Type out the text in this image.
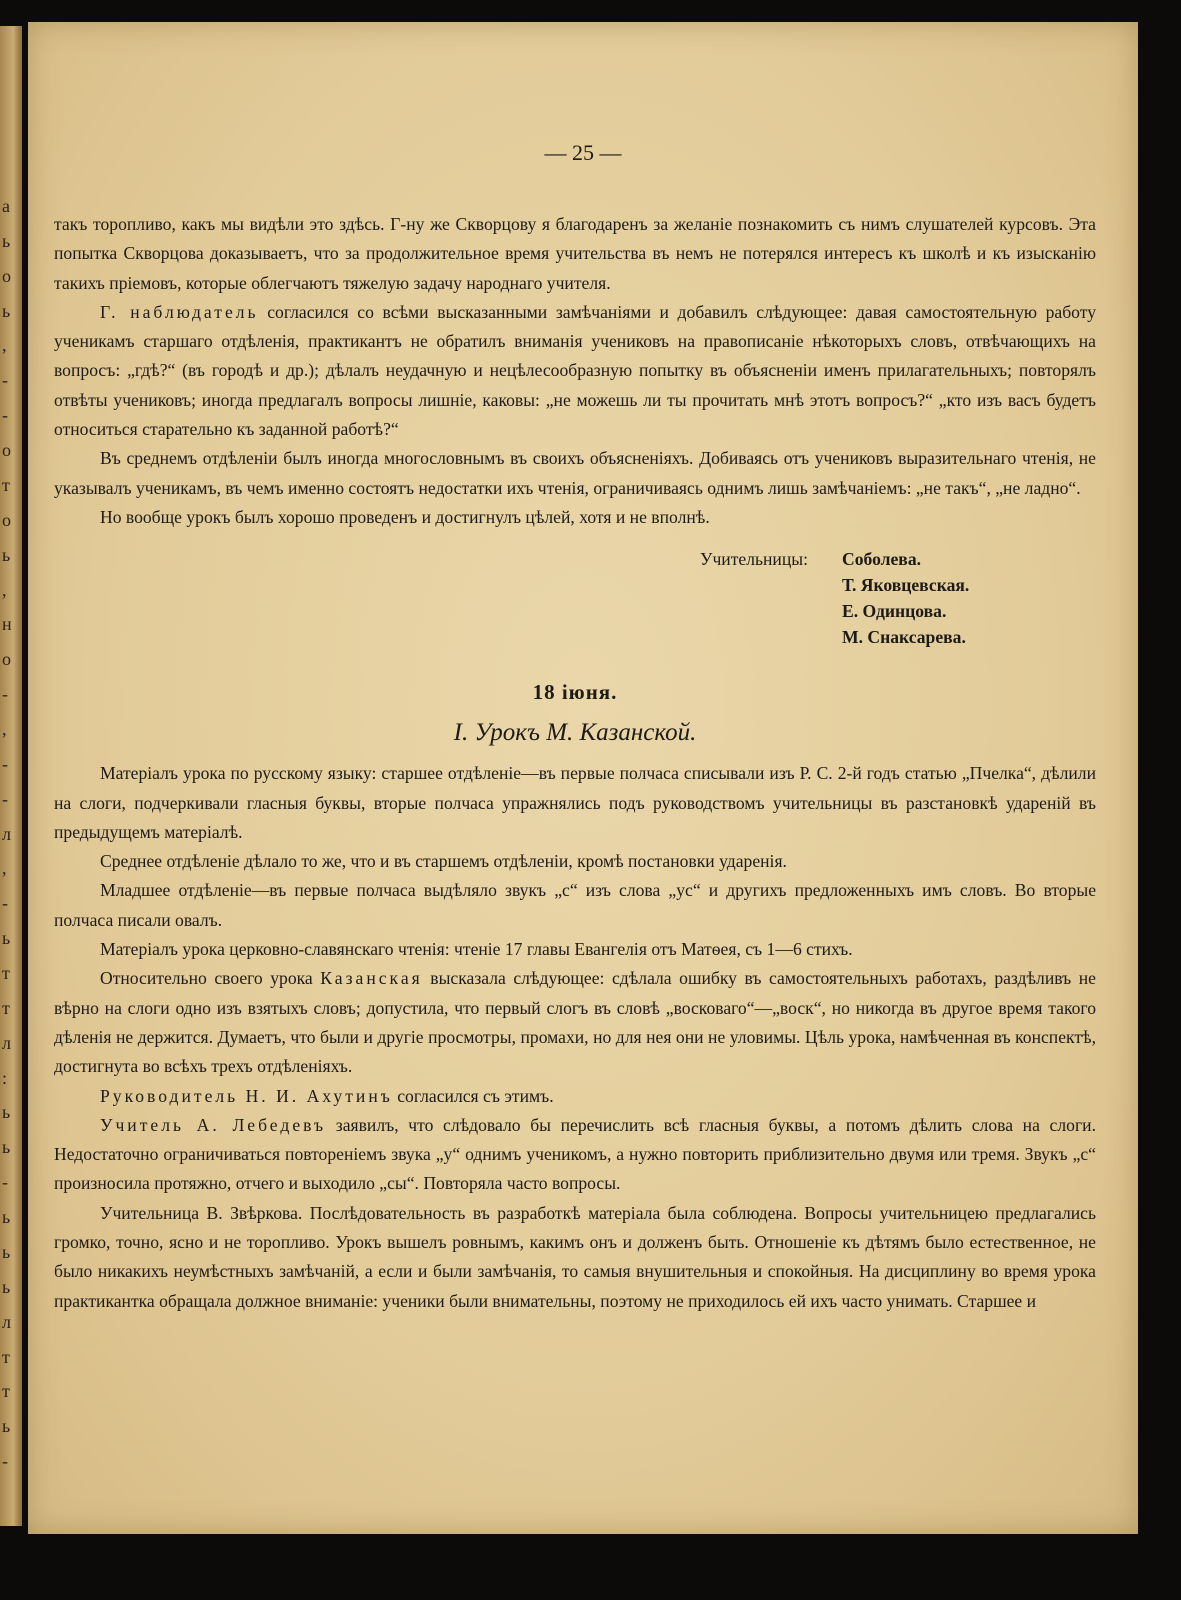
а
ь
о
ь
,
-
-
о
т
о
ь
,
н
о
-
,
-
-
л
,
-
ь
т
т
л
:
ь
ь
-
ь
ь
ь
л
т
т
ь
-
— 25 —

такъ торопливо, какъ мы видѣли это здѣсь. Г-ну же Скворцову я благодаренъ за желаніе познакомить съ нимъ слушателей курсовъ. Эта попытка Скворцова доказываетъ, что за продолжительное время учительства въ немъ не потерялся интересъ къ школѣ и къ изысканію такихъ пріемовъ, которые облегчаютъ тяжелую задачу народнаго учителя.

Г. наблюдатель согласился со всѣми высказанными замѣчаніями и добавилъ слѣдующее: давая самостоятельную работу ученикамъ старшаго отдѣленія, практикантъ не обратилъ вниманія учениковъ на правописаніе нѣкоторыхъ словъ, отвѣчающихъ на вопросъ: „гдѣ?“ (въ городѣ и др.); дѣлалъ неудачную и нецѣлесообразную попытку въ объясненіи именъ прилагательныхъ; повторялъ отвѣты учениковъ; иногда предлагалъ вопросы лишніе, каковы: „не можешь ли ты прочитать мнѣ этотъ вопросъ?“ „кто изъ васъ будетъ относиться старательно къ заданной работѣ?“

Въ среднемъ отдѣленіи былъ иногда многословнымъ въ своихъ объясненіяхъ. Добиваясь отъ учениковъ выразительнаго чтенія, не указывалъ ученикамъ, въ чемъ именно состоятъ недостатки ихъ чтенія, ограничиваясь однимъ лишь замѣчаніемъ: „не такъ“, „не ладно“.

Но вообще урокъ былъ хорошо проведенъ и достигнулъ цѣлей, хотя и не вполнѣ.

Учительницы:	Соболева.
Т. Яковцевская.
Е. Одинцова.
М. Снаксарева.
18 іюня.
I. Урокъ М. Казанской.

Матеріалъ урока по русскому языку: старшее отдѣленіе—въ первые полчаса списывали изъ Р. С. 2-й годъ статью „Пчелка“, дѣлили на слоги, подчеркивали гласныя буквы, вторые полчаса упражнялись подъ руководствомъ учительницы въ разстановкѣ удареній въ предыдущемъ матеріалѣ.

Среднее отдѣленіе дѣлало то же, что и въ старшемъ отдѣленіи, кромѣ постановки ударенія.

Младшее отдѣленіе—въ первые полчаса выдѣляло звукъ „с“ изъ слова „ус“ и другихъ предложенныхъ имъ словъ. Во вторые полчаса писали овалъ.

Матеріалъ урока церковно-славянскаго чтенія: чтеніе 17 главы Евангелія отъ Матѳея, съ 1—6 стихъ.

Относительно своего урока Казанская высказала слѣдующее: сдѣлала ошибку въ самостоятельныхъ работахъ, раздѣливъ не вѣрно на слоги одно изъ взятыхъ словъ; допустила, что первый слогъ въ словѣ „восковаго“—„воск“, но никогда въ другое время такого дѣленія не держится. Думаетъ, что были и другіе просмотры, промахи, но для нея они не уловимы. Цѣль урока, намѣченная въ конспектѣ, достигнута во всѣхъ трехъ отдѣленіяхъ.

Руководитель Н. И. Ахутинъ согласился съ этимъ.

Учитель А. Лебедевъ заявилъ, что слѣдовало бы перечислить всѣ гласныя буквы, а потомъ дѣлить слова на слоги. Недостаточно ограничиваться повтореніемъ звука „у“ однимъ ученикомъ, а нужно повторить приблизительно двумя или тремя. Звукъ „с“ произносила протяжно, отчего и выходило „сы“. Повторяла часто вопросы.

Учительница В. Звѣркова. Послѣдовательность въ разработкѣ матеріала была соблюдена. Вопросы учительницею предлагались громко, точно, ясно и не торопливо. Урокъ вышелъ ровнымъ, какимъ онъ и долженъ быть. Отношеніе къ дѣтямъ было естественное, не было никакихъ неумѣстныхъ замѣчаній, а если и были замѣчанія, то самыя внушительныя и спокойныя. На дисциплину во время урока практикантка обращала должное вниманіе: ученики были внимательны, поэтому не приходилось ей ихъ часто унимать. Старшее и
